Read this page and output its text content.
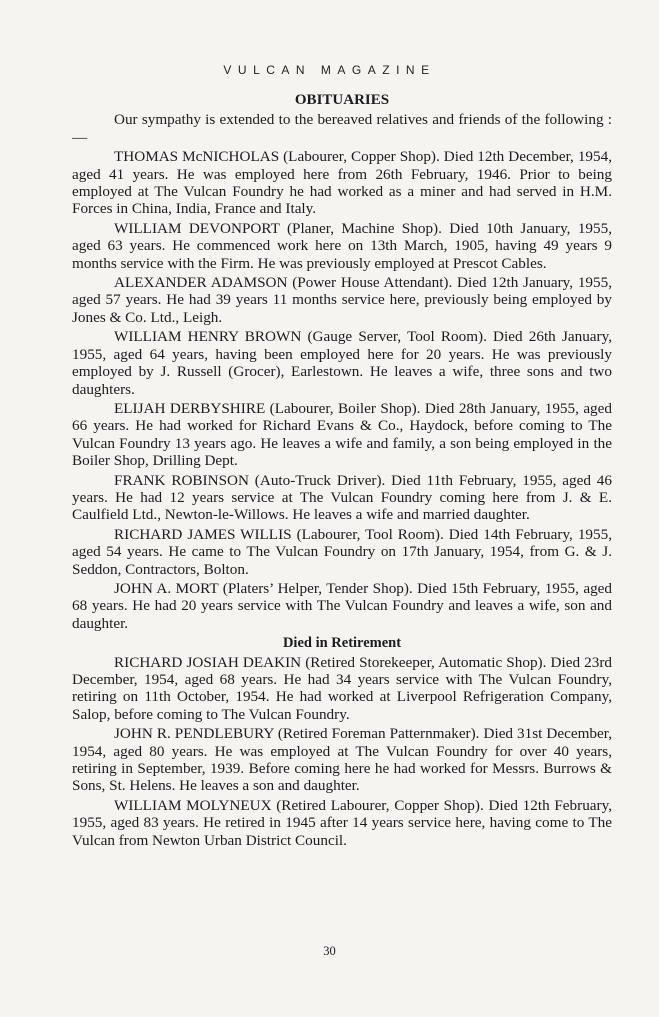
VULCAN MAGAZINE
OBITUARIES

Our sympathy is extended to the bereaved relatives and friends of the following :—

THOMAS McNICHOLAS (Labourer, Copper Shop). Died 12th December, 1954, aged 41 years. He was employed here from 26th February, 1946. Prior to being employed at The Vulcan Foundry he had worked as a miner and had served in H.M. Forces in China, India, France and Italy.

WILLIAM DEVONPORT (Planer, Machine Shop). Died 10th January, 1955, aged 63 years. He commenced work here on 13th March, 1905, having 49 years 9 months service with the Firm. He was previously employed at Prescot Cables.

ALEXANDER ADAMSON (Power House Attendant). Died 12th January, 1955, aged 57 years. He had 39 years 11 months service here, previously being employed by Jones & Co. Ltd., Leigh.

WILLIAM HENRY BROWN (Gauge Server, Tool Room). Died 26th January, 1955, aged 64 years, having been employed here for 20 years. He was previously employed by J. Russell (Grocer), Earlestown. He leaves a wife, three sons and two daughters.

ELIJAH DERBYSHIRE (Labourer, Boiler Shop). Died 28th January, 1955, aged 66 years. He had worked for Richard Evans & Co., Haydock, before coming to The Vulcan Foundry 13 years ago. He leaves a wife and family, a son being employed in the Boiler Shop, Drilling Dept.

FRANK ROBINSON (Auto-Truck Driver). Died 11th February, 1955, aged 46 years. He had 12 years service at The Vulcan Foundry coming here from J. & E. Caulfield Ltd., Newton-le-Willows. He leaves a wife and married daughter.

RICHARD JAMES WILLIS (Labourer, Tool Room). Died 14th February, 1955, aged 54 years. He came to The Vulcan Foundry on 17th January, 1954, from G. & J. Seddon, Contractors, Bolton.

JOHN A. MORT (Platers’ Helper, Tender Shop). Died 15th February, 1955, aged 68 years. He had 20 years service with The Vulcan Foundry and leaves a wife, son and daughter.

Died in Retirement

RICHARD JOSIAH DEAKIN (Retired Storekeeper, Automatic Shop). Died 23rd December, 1954, aged 68 years. He had 34 years service with The Vulcan Foundry, retiring on 11th October, 1954. He had worked at Liverpool Refrigeration Company, Salop, before coming to The Vulcan Foundry.

JOHN R. PENDLEBURY (Retired Foreman Patternmaker). Died 31st December, 1954, aged 80 years. He was employed at The Vulcan Foundry for over 40 years, retiring in September, 1939. Before coming here he had worked for Messrs. Burrows & Sons, St. Helens. He leaves a son and daughter.

WILLIAM MOLYNEUX (Retired Labourer, Copper Shop). Died 12th February, 1955, aged 83 years. He retired in 1945 after 14 years service here, having come to The Vulcan from Newton Urban District Council.

30
